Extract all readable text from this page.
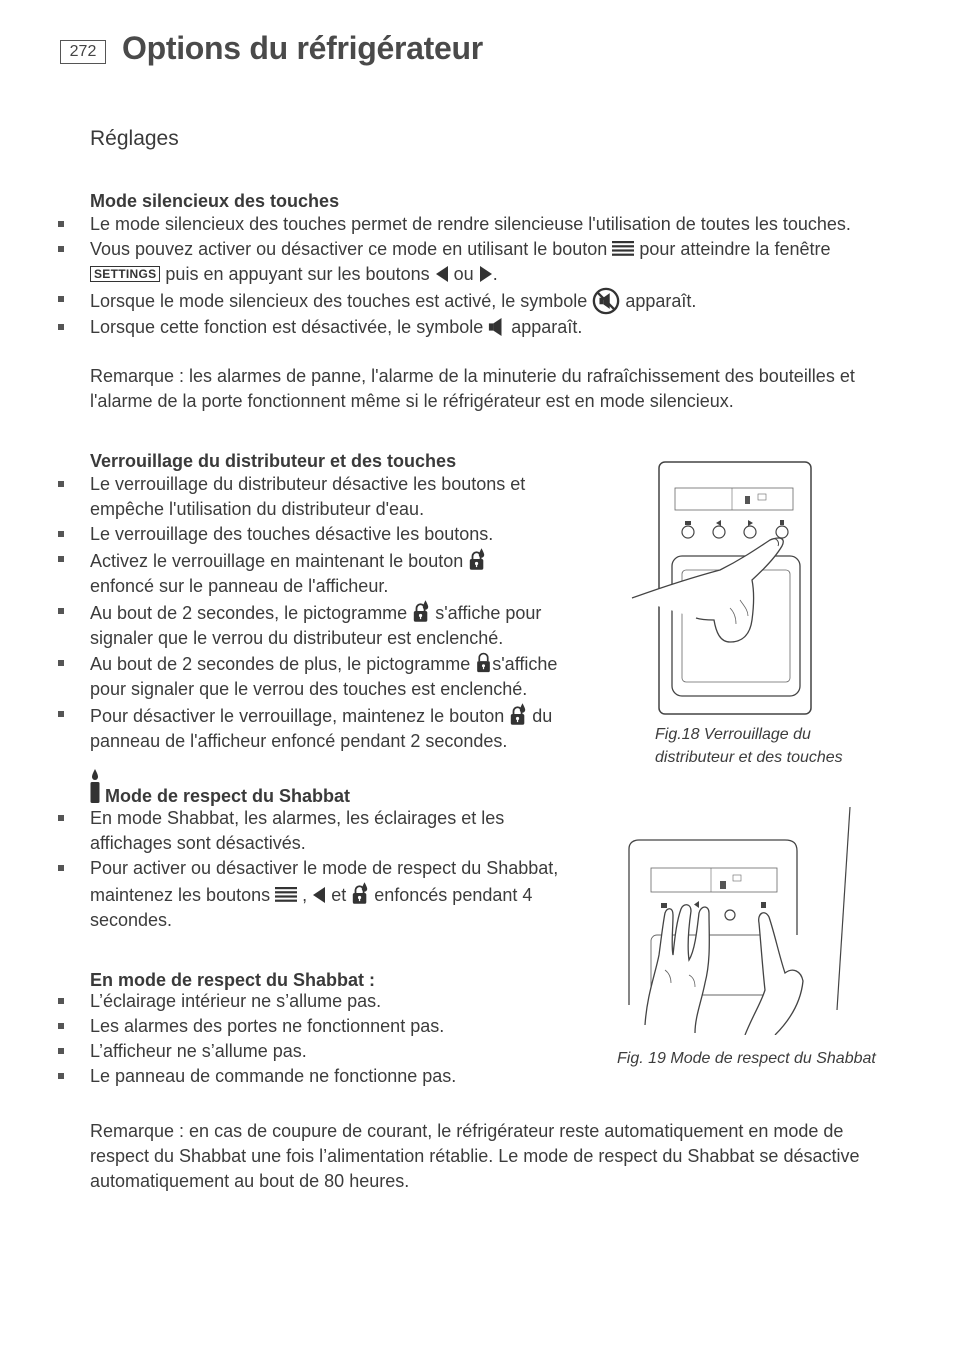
272 Options du réfrigérateur
Réglages
Mode silencieux des touches
Le mode silencieux des touches permet de rendre silencieuse l'utilisation de toutes les touches.
Vous pouvez activer ou désactiver ce mode en utilisant le bouton pour atteindre la fenêtre
SETTINGS puis en appuyant sur les boutons ou .
Lorsque le mode silencieux des touches est activé, le symbole apparaît.
Lorsque cette fonction est désactivée, le symbole apparaît.

Remarque : les alarmes de panne, l'alarme de la minuterie du rafraîchissement des bouteilles et l'alarme de la porte fonctionnent même si le réfrigérateur est en mode silencieux.

Verrouillage du distributeur et des touches
Le verrouillage du distributeur désactive les boutons et empêche l'utilisation du distributeur d'eau.
Le verrouillage des touches désactive les boutons.
Activez le verrouillage en maintenant le bouton
enfoncé sur le panneau de l'afficheur.
Au bout de 2 secondes, le pictogramme s'affiche pour signaler que le verrou du distributeur est enclenché.
Au bout de 2 secondes de plus, le pictogramme s'affiche pour signaler que le verrou des touches est enclenché.
Pour désactiver le verrouillage, maintenez le bouton du panneau de l'afficheur enfoncé pendant 2 secondes.	Fig.18 Verrouillage du
distributeur et des touches

Mode de respect du Shabbat
En mode Shabbat, les alarmes, les éclairages et les affichages sont désactivés.
Pour activer ou désactiver le mode de respect du Shabbat, maintenez les boutons , et enfoncés pendant 4 secondes.

Fig. 19 Mode de respect du Shabbat

En mode de respect du Shabbat :
L’éclairage intérieur ne s’allume pas.
Les alarmes des portes ne fonctionnent pas.
L’afficheur ne s’allume pas.
Le panneau de commande ne fonctionne pas.

Remarque : en cas de coupure de courant, le réfrigérateur reste automatiquement en mode de respect du Shabbat une fois l’alimentation rétablie. Le mode de respect du Shabbat se désactive automatiquement au bout de 80 heures.
